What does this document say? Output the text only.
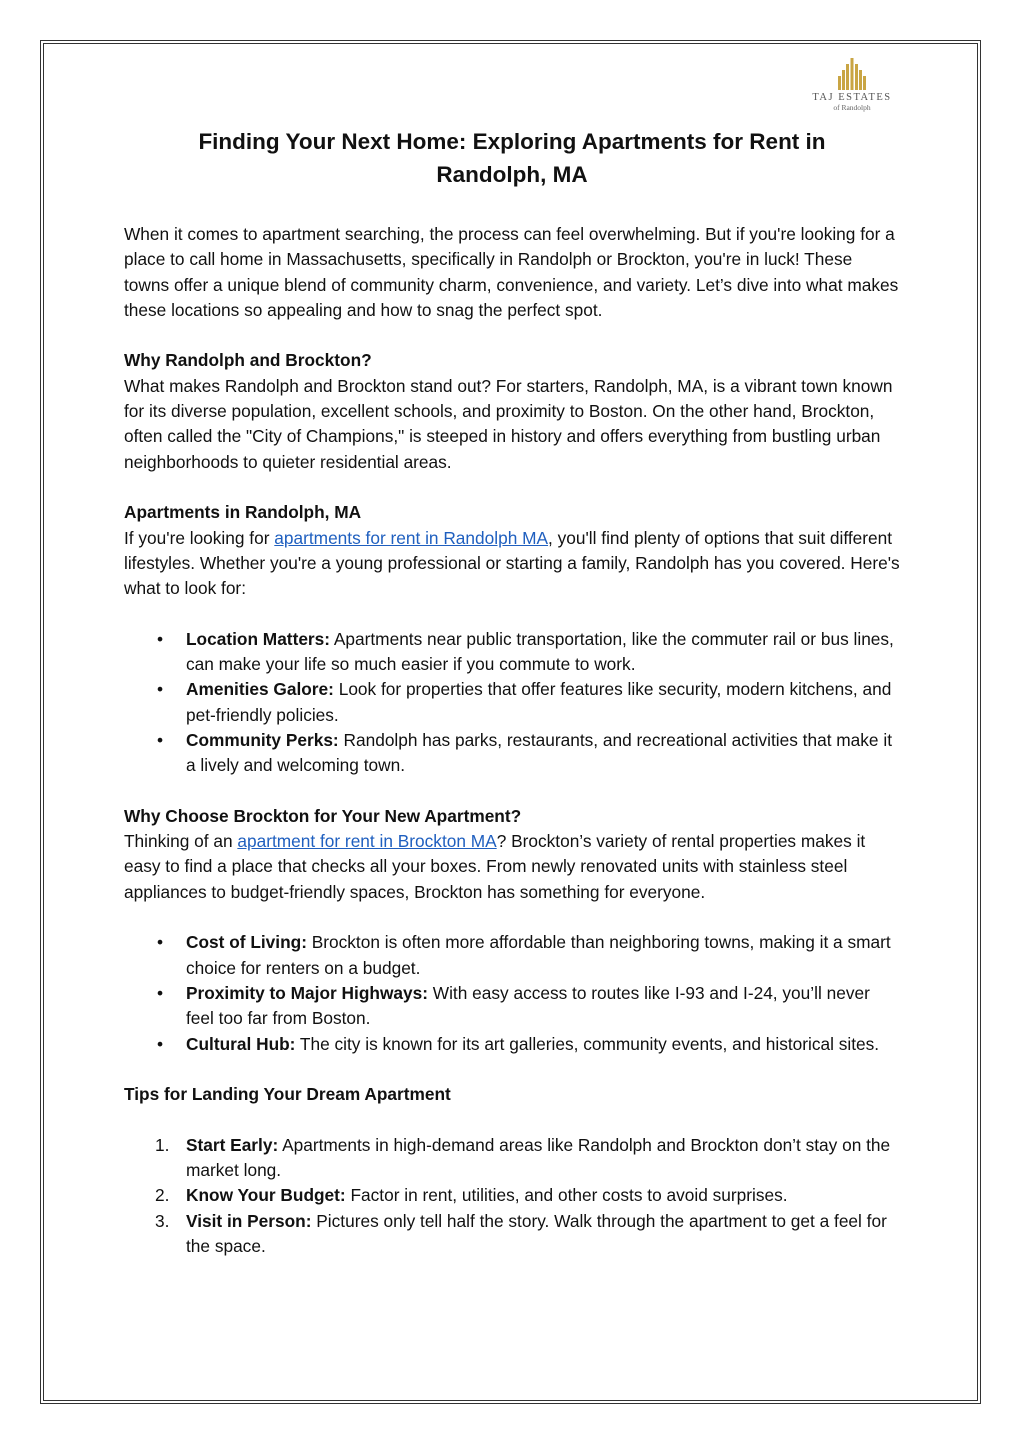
TAJ ESTATES
of Randolph
Finding Your Next Home: Exploring Apartments for Rent in Randolph, MA

When it comes to apartment searching, the process can feel overwhelming. But if you're looking for a place to call home in Massachusetts, specifically in Randolph or Brockton, you're in luck! These towns offer a unique blend of community charm, convenience, and variety. Let’s dive into what makes these locations so appealing and how to snag the perfect spot.

Why Randolph and Brockton?

What makes Randolph and Brockton stand out? For starters, Randolph, MA, is a vibrant town known for its diverse population, excellent schools, and proximity to Boston. On the other hand, Brockton, often called the "City of Champions," is steeped in history and offers everything from bustling urban neighborhoods to quieter residential areas.

Apartments in Randolph, MA

If you're looking for apartments for rent in Randolph MA, you'll find plenty of options that suit different lifestyles. Whether you're a young professional or starting a family, Randolph has you covered. Here's what to look for:

• Location Matters: Apartments near public transportation, like the commuter rail or bus lines, can make your life so much easier if you commute to work.
• Amenities Galore: Look for properties that offer features like security, modern kitchens, and pet-friendly policies.
• Community Perks: Randolph has parks, restaurants, and recreational activities that make it a lively and welcoming town.

Why Choose Brockton for Your New Apartment?

Thinking of an apartment for rent in Brockton MA? Brockton’s variety of rental properties makes it easy to find a place that checks all your boxes. From newly renovated units with stainless steel appliances to budget-friendly spaces, Brockton has something for everyone.

• Cost of Living: Brockton is often more affordable than neighboring towns, making it a smart choice for renters on a budget.
• Proximity to Major Highways: With easy access to routes like I-93 and I-24, you’ll never feel too far from Boston.
• Cultural Hub: The city is known for its art galleries, community events, and historical sites.

Tips for Landing Your Dream Apartment

1. Start Early: Apartments in high-demand areas like Randolph and Brockton don’t stay on the market long.
2. Know Your Budget: Factor in rent, utilities, and other costs to avoid surprises.
3. Visit in Person: Pictures only tell half the story. Walk through the apartment to get a feel for the space.
